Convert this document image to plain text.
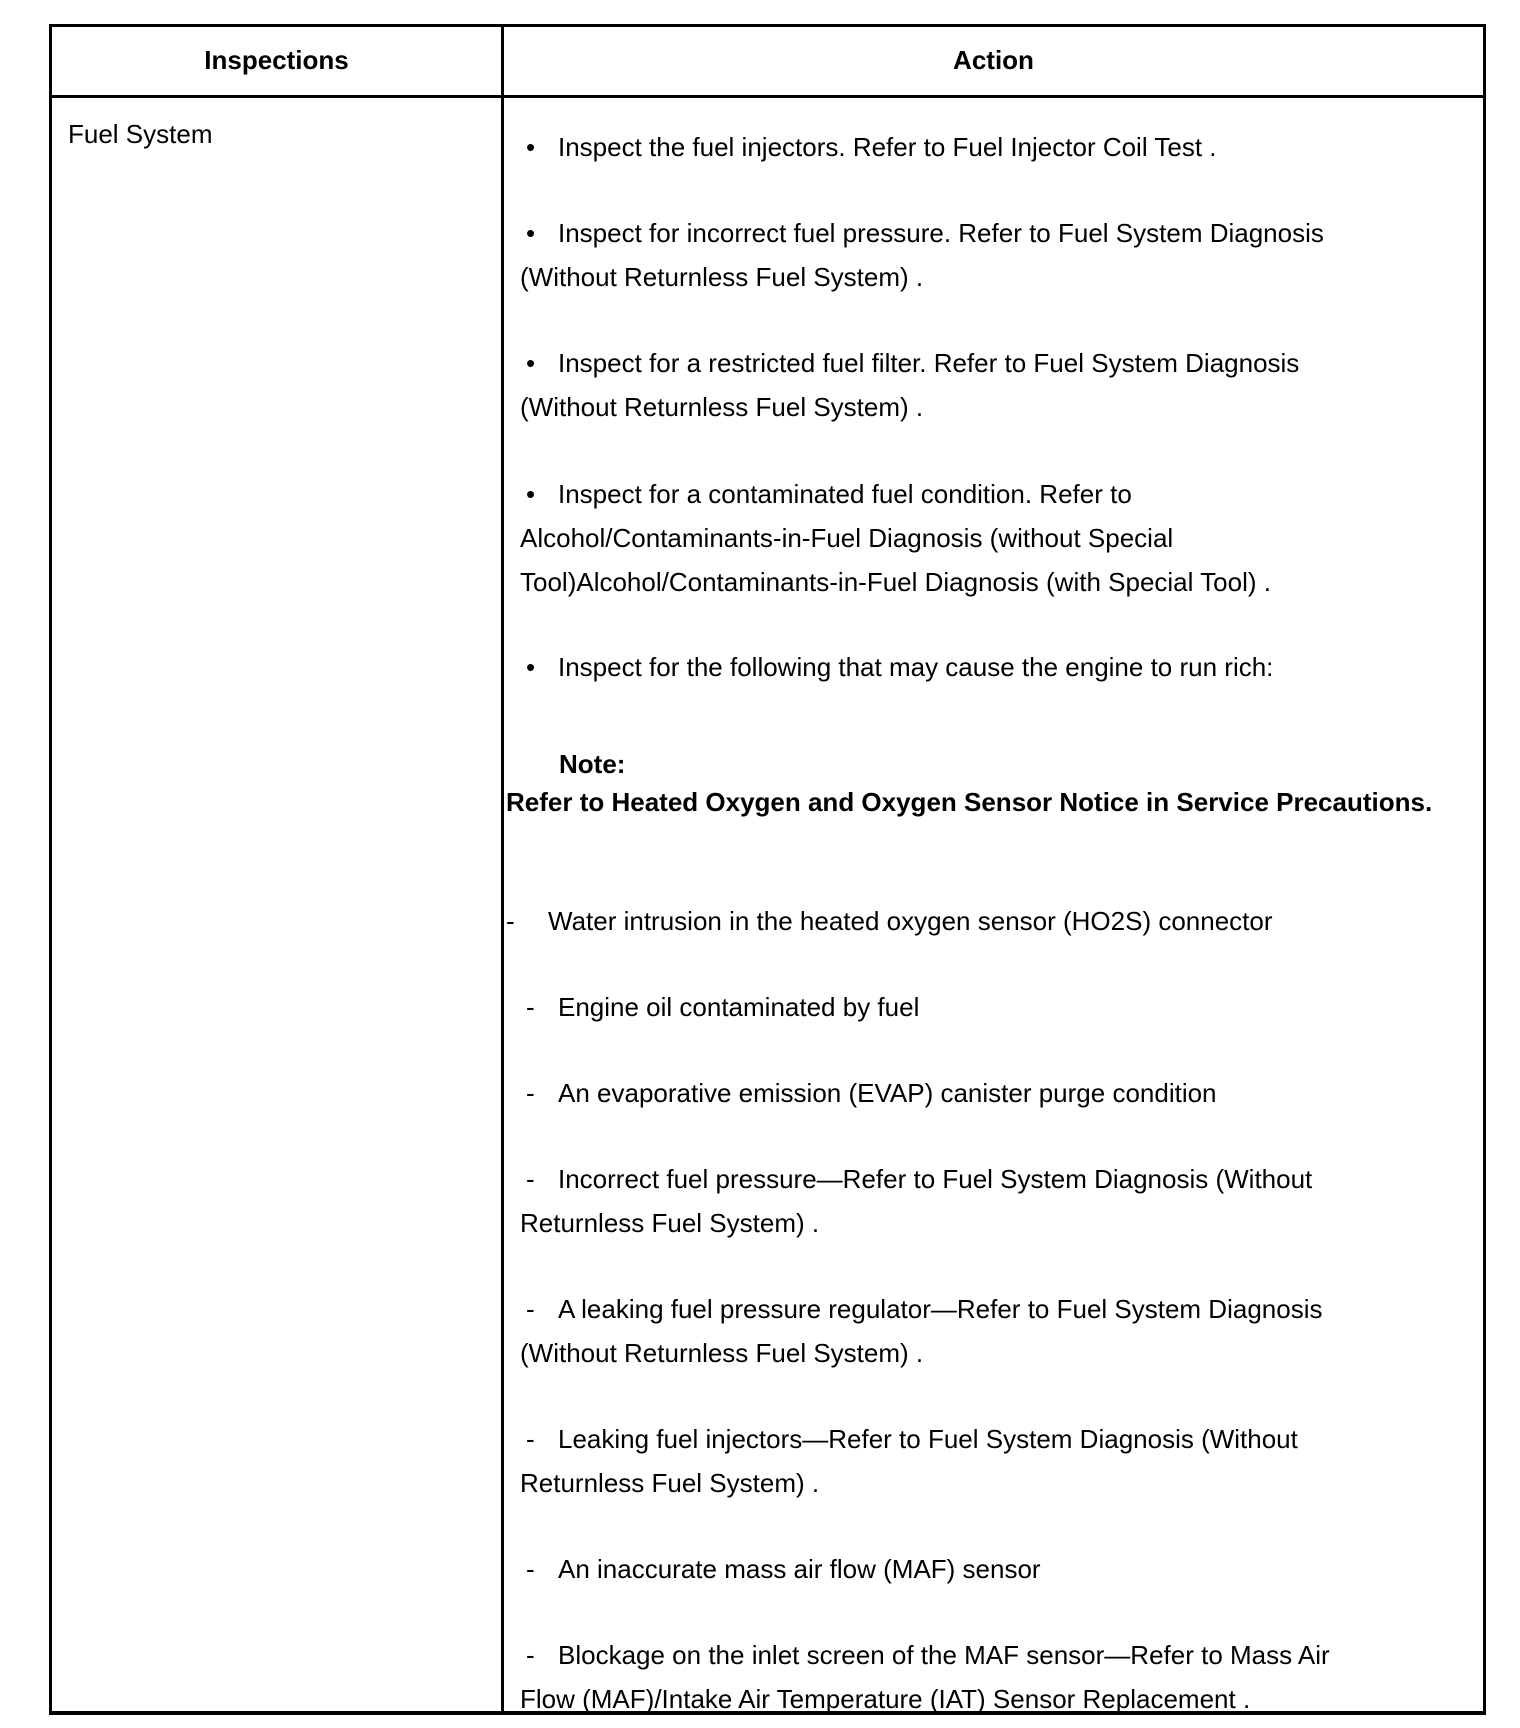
Inspections	Action
Fuel System	• Inspect the fuel injectors. Refer to Fuel Injector Coil Test .
• Inspect for incorrect fuel pressure. Refer to Fuel System Diagnosis
(Without Returnless Fuel System) .
• Inspect for a restricted fuel filter. Refer to Fuel System Diagnosis
(Without Returnless Fuel System) .
• Inspect for a contaminated fuel condition. Refer to
Alcohol/Contaminants-in-Fuel Diagnosis (without Special
Tool)Alcohol/Contaminants-in-Fuel Diagnosis (with Special Tool) .
• Inspect for the following that may cause the engine to run rich:
Note:
Refer to Heated Oxygen and Oxygen Sensor Notice in Service Precautions.
- Water intrusion in the heated oxygen sensor (HO2S) connector
- Engine oil contaminated by fuel
- An evaporative emission (EVAP) canister purge condition
- Incorrect fuel pressure—Refer to Fuel System Diagnosis (Without
Returnless Fuel System) .
- A leaking fuel pressure regulator—Refer to Fuel System Diagnosis
(Without Returnless Fuel System) .
- Leaking fuel injectors—Refer to Fuel System Diagnosis (Without
Returnless Fuel System) .
- An inaccurate mass air flow (MAF) sensor
- Blockage on the inlet screen of the MAF sensor—Refer to Mass Air
Flow (MAF)/Intake Air Temperature (IAT) Sensor Replacement .
